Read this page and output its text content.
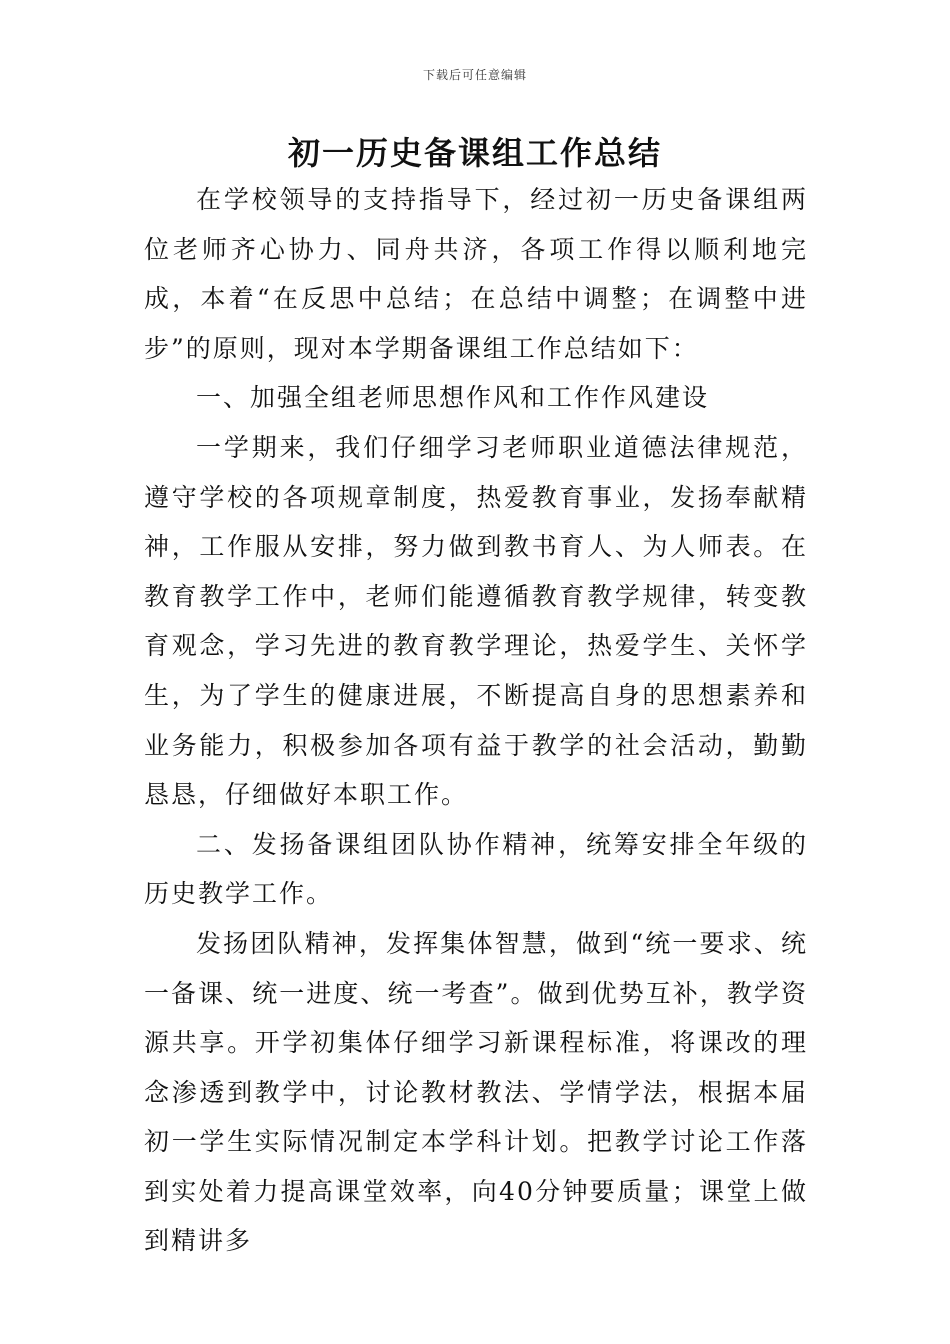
下载后可任意编辑
初一历史备课组工作总结

在学校领导的支持指导下，经过初一历史备课组两位老师齐心协力、同舟共济，各项工作得以顺利地完成，本着“在反思中总结；在总结中调整；在调整中进步”的原则，现对本学期备课组工作总结如下：

一、加强全组老师思想作风和工作作风建设

一学期来，我们仔细学习老师职业道德法律规范，遵守学校的各项规章制度，热爱教育事业，发扬奉献精神，工作服从安排，努力做到教书育人、为人师表。在教育教学工作中，老师们能遵循教育教学规律，转变教育观念，学习先进的教育教学理论，热爱学生、关怀学生，为了学生的健康进展，不断提高自身的思想素养和业务能力，积极参加各项有益于教学的社会活动，勤勤恳恳，仔细做好本职工作。

二、发扬备课组团队协作精神，统筹安排全年级的历史教学工作。

发扬团队精神，发挥集体智慧，做到“统一要求、统一备课、统一进度、统一考查”。做到优势互补，教学资源共享。开学初集体仔细学习新课程标准，将课改的理念渗透到教学中，讨论教材教法、学情学法，根据本届初一学生实际情况制定本学科计划。把教学讨论工作落到实处着力提高课堂效率，向40分钟要质量；课堂上做到精讲多
